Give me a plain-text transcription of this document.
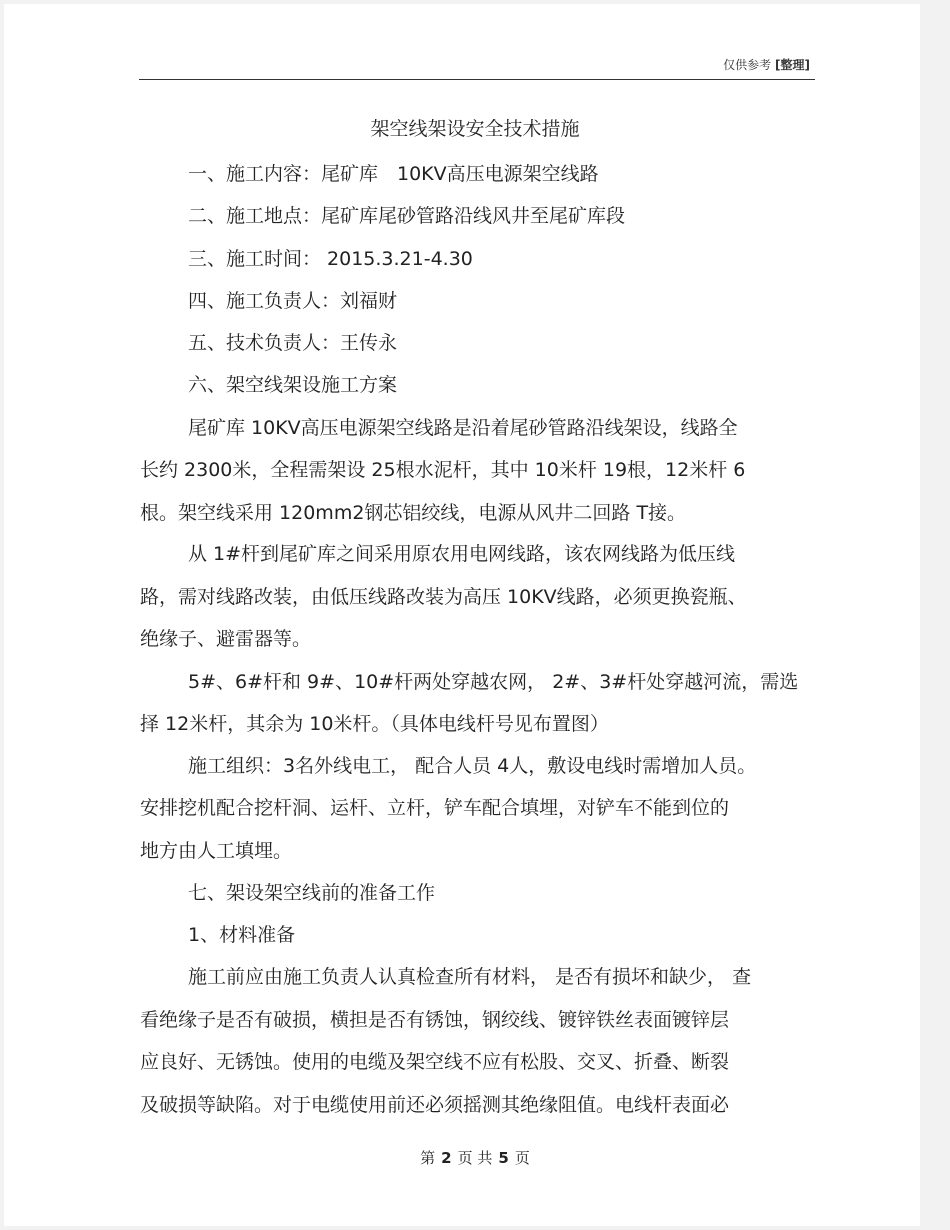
仅供参考 [整理]
架空线架设安全技术措施
一、施工内容：尾矿库　10KV高压电源架空线路
二、施工地点：尾矿库尾砂管路沿线风井至尾矿库段
三、施工时间： 2015.3.21-4.30
四、施工负责人：刘福财
五、技术负责人：王传永
六、架空线架设施工方案
尾矿库 10KV高压电源架空线路是沿着尾砂管路沿线架设，线路全
长约 2300米，全程需架设 25根水泥杆，其中 10米杆 19根，12米杆 6
根。架空线采用 120mm2钢芯铝绞线，电源从风井二回路 T接。
从 1#杆到尾矿库之间采用原农用电网线路，该农网线路为低压线
路，需对线路改装，由低压线路改装为高压 10KV线路，必须更换瓷瓶、
绝缘子、避雷器等。
5#、6#杆和 9#、10#杆两处穿越农网， 2#、3#杆处穿越河流，需选
择 12米杆，其余为 10米杆。（具体电线杆号见布置图）
施工组织：3名外线电工， 配合人员 4人，敷设电线时需增加人员。
安排挖机配合挖杆洞、运杆、立杆，铲车配合填埋，对铲车不能到位的
地方由人工填埋。
七、架设架空线前的准备工作
1、材料准备
施工前应由施工负责人认真检查所有材料， 是否有损坏和缺少， 查
看绝缘子是否有破损，横担是否有锈蚀，钢绞线、镀锌铁丝表面镀锌层
应良好、无锈蚀。使用的电缆及架空线不应有松股、交叉、折叠、断裂
及破损等缺陷。对于电缆使用前还必须摇测其绝缘阻值。电线杆表面必
第 2 页 共 5 页
